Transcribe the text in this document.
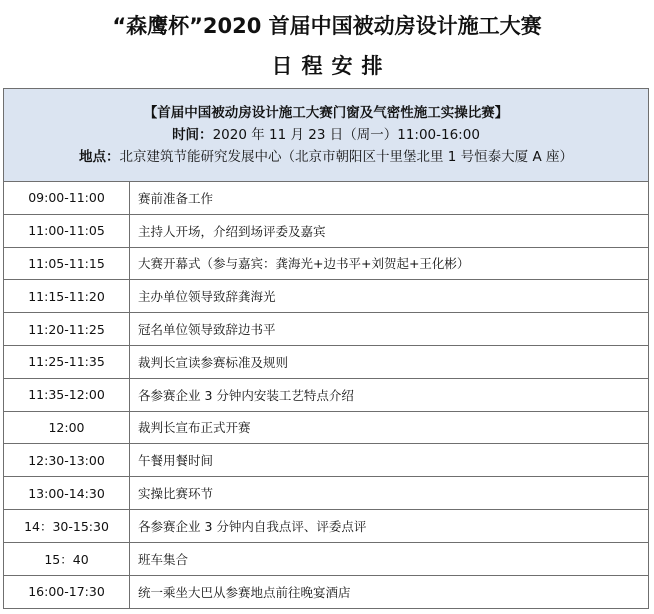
“森鹰杯”2020 首届中国被动房设计施工大赛
日程安排
【首届中国被动房设计施工大赛门窗及气密性施工实操比赛】
时间：2020 年 11 月 23 日（周一）11:00-16:00
地点：北京建筑节能研究发展中心（北京市朝阳区十里堡北里 1 号恒泰大厦 A 座）
09:00-11:00	赛前准备工作
11:00-11:05	主持人开场，介绍到场评委及嘉宾
11:05-11:15	大赛开幕式（参与嘉宾：龚海光+边书平+刘贺起+王化彬）
11:15-11:20	主办单位领导致辞龚海光
11:20-11:25	冠名单位领导致辞边书平
11:25-11:35	裁判长宣读参赛标准及规则
11:35-12:00	各参赛企业 3 分钟内安装工艺特点介绍
12:00	裁判长宣布正式开赛
12:30-13:00	午餐用餐时间
13:00-14:30	实操比赛环节
14：30-15:30	各参赛企业 3 分钟内自我点评、评委点评
15：40	班车集合
16:00-17:30	统一乘坐大巴从参赛地点前往晚宴酒店
